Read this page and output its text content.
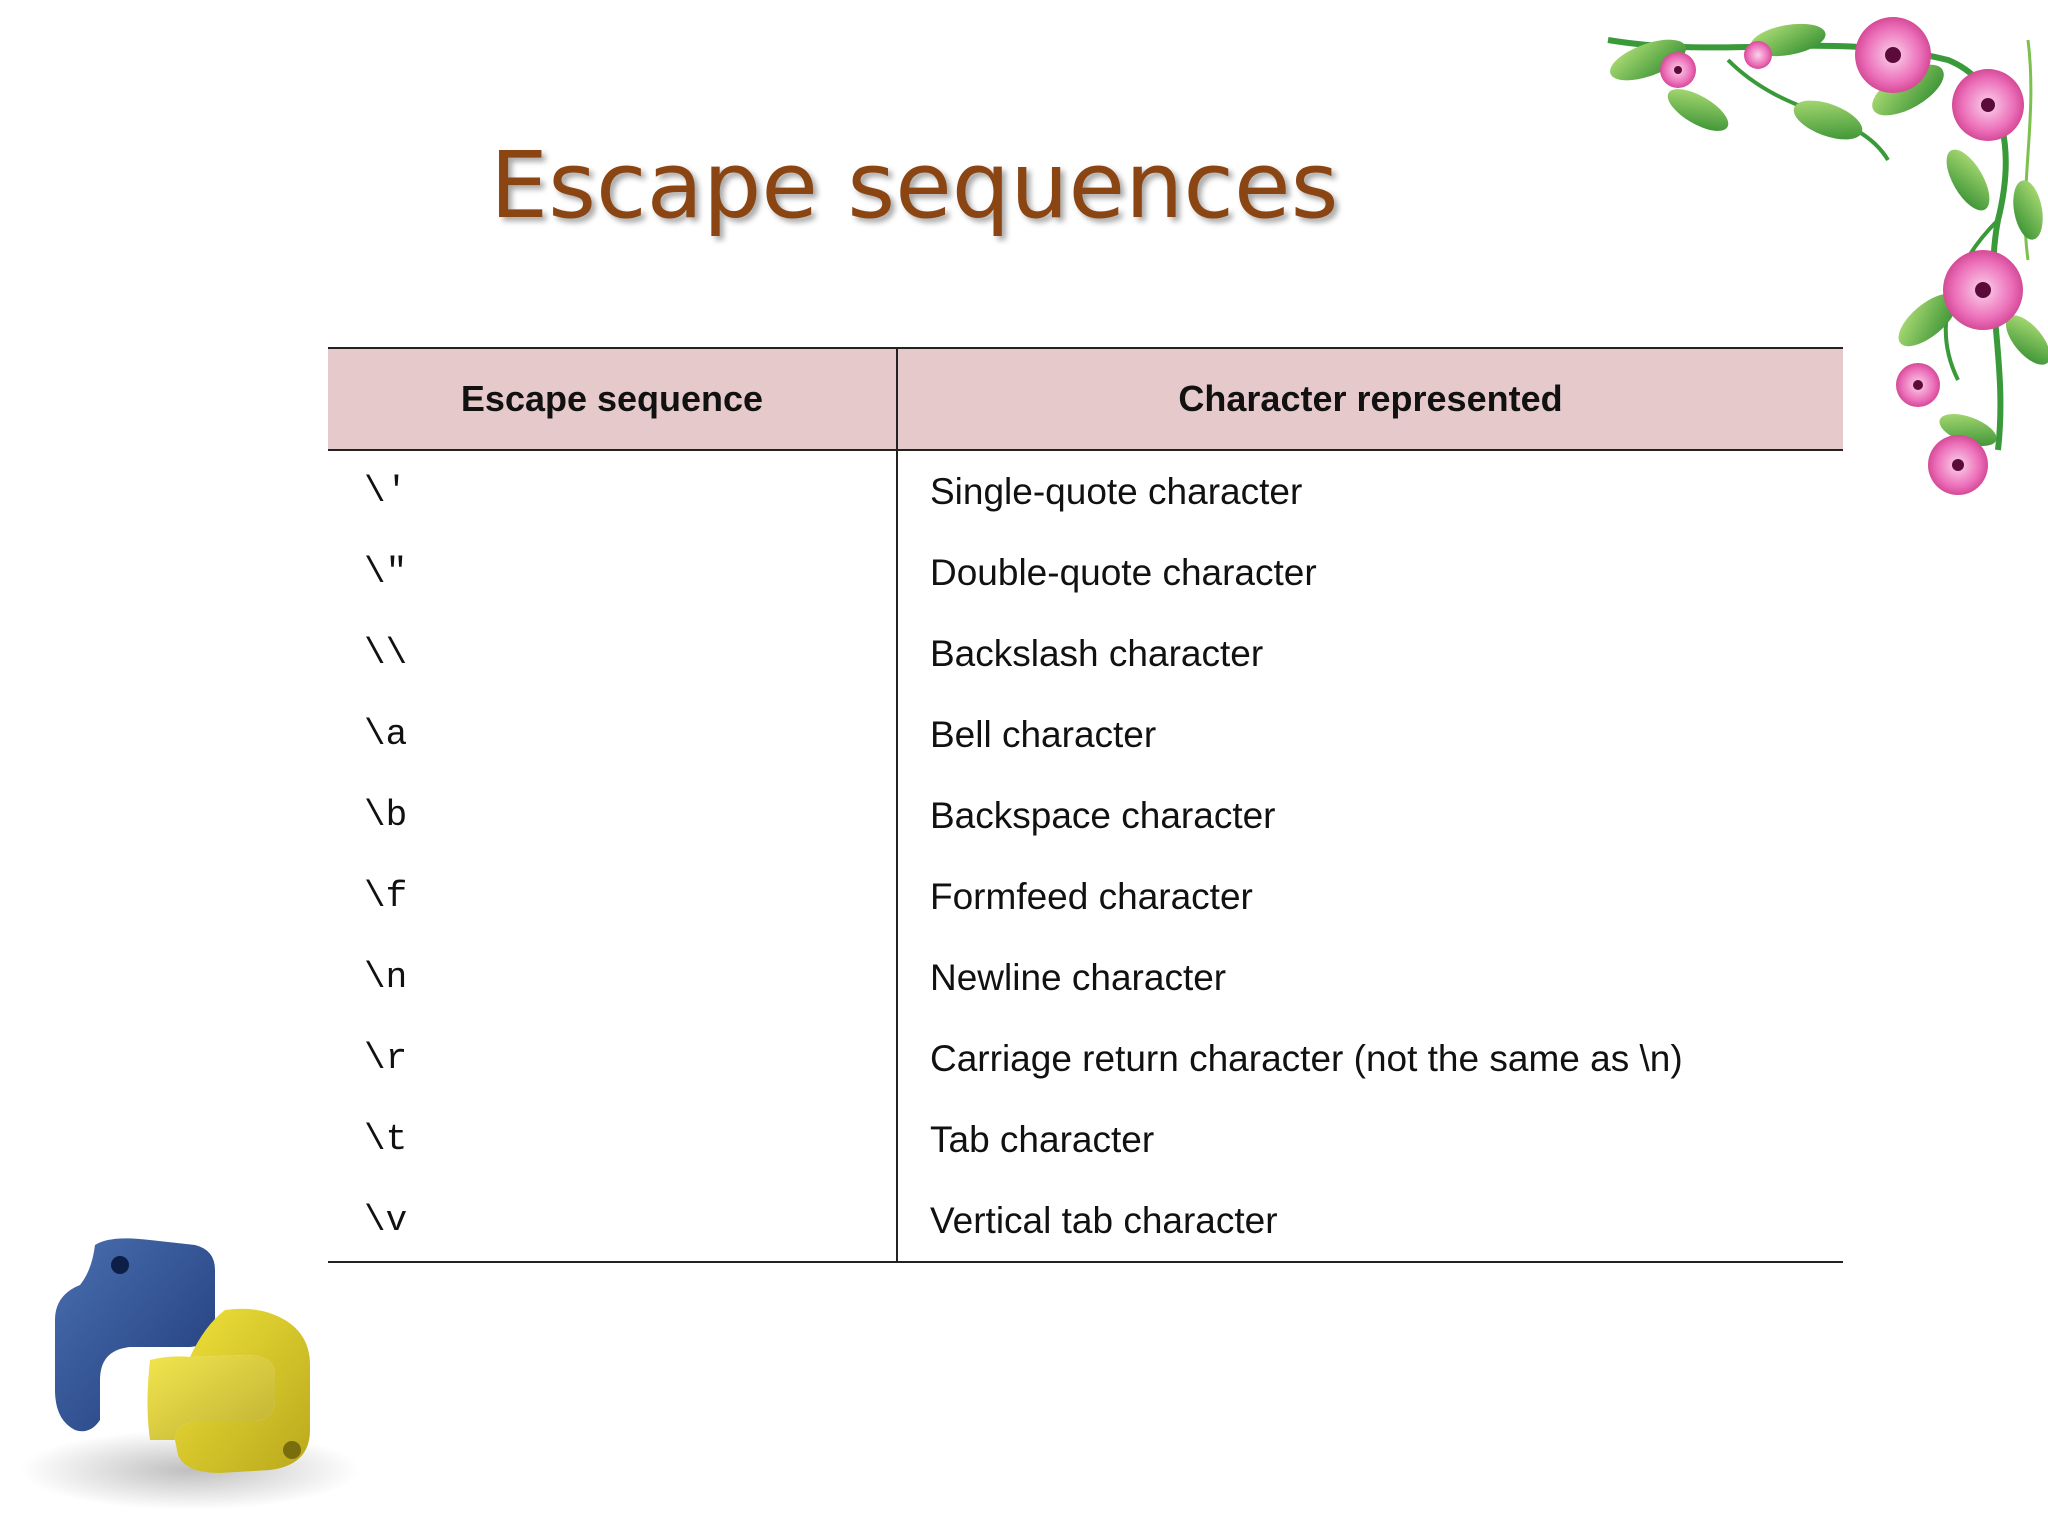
Escape sequences
Escape sequence	Character represented
\'	Single-quote character
\"	Double-quote character
\\	Backslash character
\a	Bell character
\b	Backspace character
\f	Formfeed character
\n	Newline character
\r	Carriage return character (not the same as \n)
\t	Tab character
\v	Vertical tab character
